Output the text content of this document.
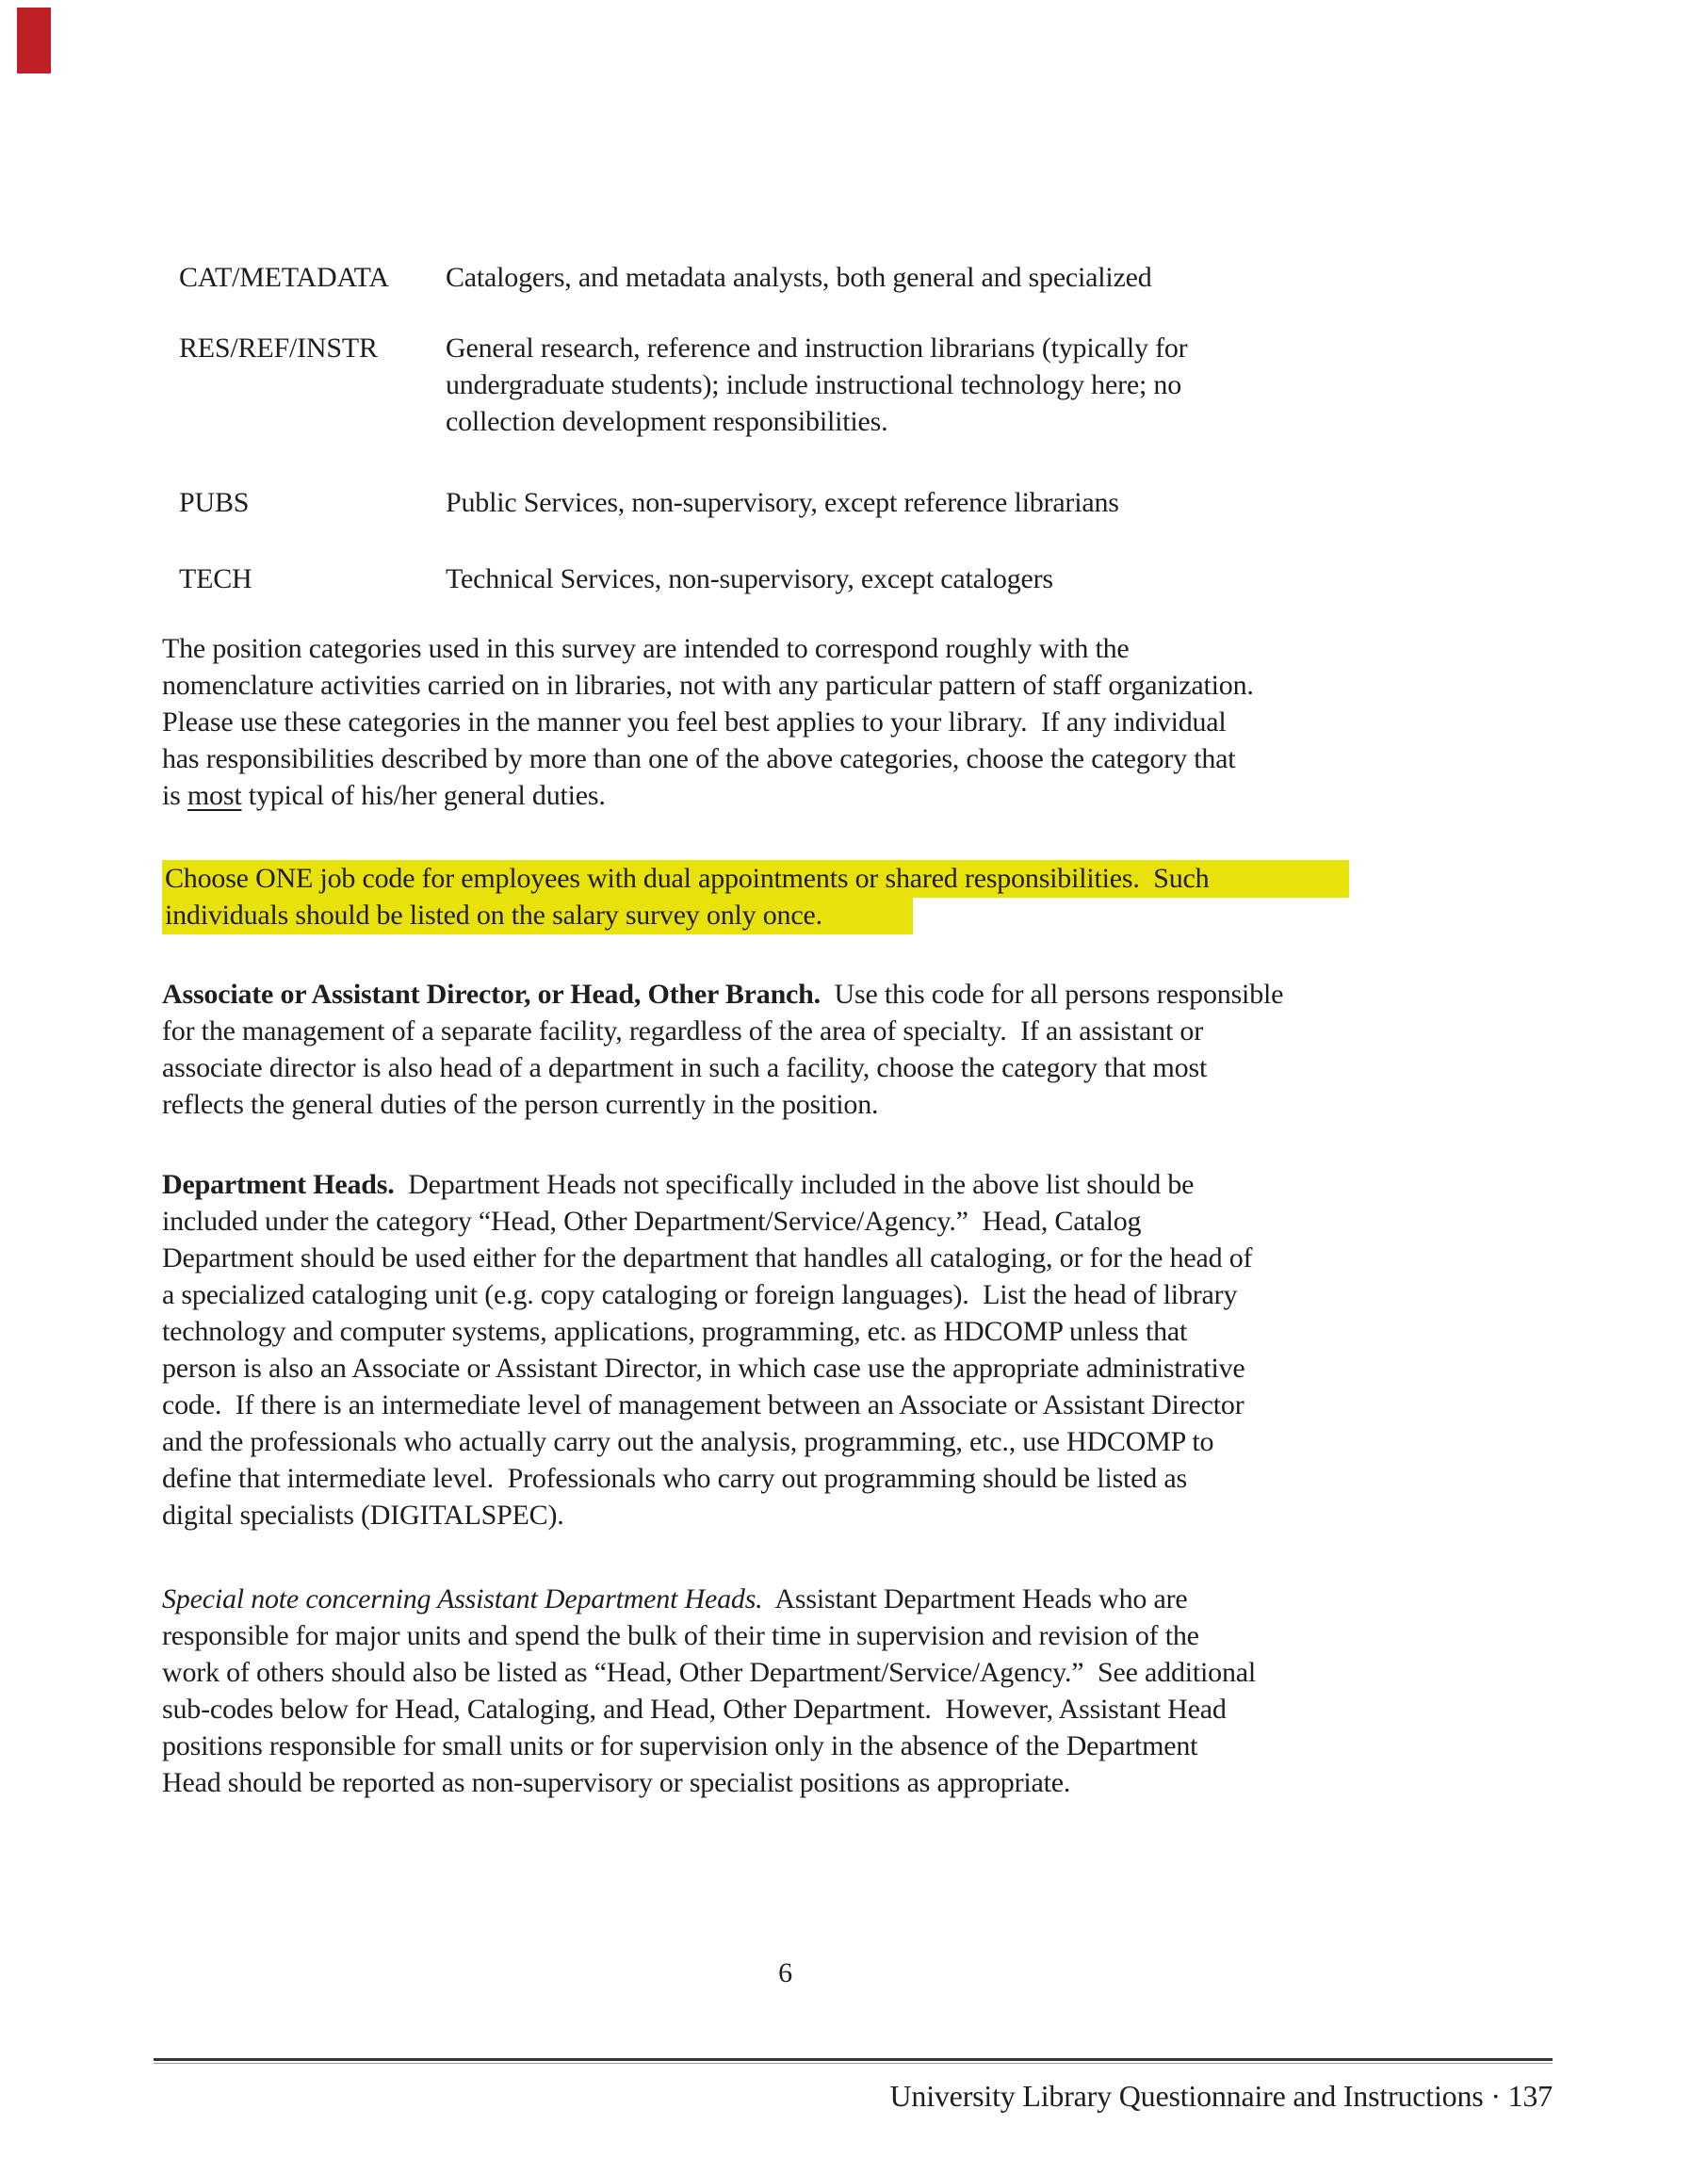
CAT/METADATA Catalogers, and metadata analysts, both general and specialized
RES/REF/INSTR General research, reference and instruction librarians (typically for
undergraduate students); include instructional technology here; no
collection development responsibilities.
PUBS	Public Services, non-supervisory, except reference librarians
TECH	Technical Services, non-supervisory, except catalogers
The position categories used in this survey are intended to correspond roughly with the
nomenclature activities carried on in libraries, not with any particular pattern of staff organization.
Please use these categories in the manner you feel best applies to your library.  If any individual
has responsibilities described by more than one of the above categories, choose the category that
is most typical of his/her general duties.
Choose ONE job code for employees with dual appointments or shared responsibilities.  Such
individuals should be listed on the salary survey only once.
Associate or Assistant Director, or Head, Other Branch.  Use this code for all persons responsible
for the management of a separate facility, regardless of the area of specialty.  If an assistant or
associate director is also head of a department in such a facility, choose the category that most
reflects the general duties of the person currently in the position.
Department Heads.  Department Heads not specifically included in the above list should be
included under the category “Head, Other Department/Service/Agency.”  Head, Catalog
Department should be used either for the department that handles all cataloging, or for the head of
a specialized cataloging unit (e.g. copy cataloging or foreign languages).  List the head of library
technology and computer systems, applications, programming, etc. as HDCOMP unless that
person is also an Associate or Assistant Director, in which case use the appropriate administrative
code.  If there is an intermediate level of management between an Associate or Assistant Director
and the professionals who actually carry out the analysis, programming, etc., use HDCOMP to
define that intermediate level.  Professionals who carry out programming should be listed as
digital specialists (DIGITALSPEC).
Special note concerning Assistant Department Heads.  Assistant Department Heads who are
responsible for major units and spend the bulk of their time in supervision and revision of the
work of others should also be listed as “Head, Other Department/Service/Agency.”  See additional
sub-codes below for Head, Cataloging, and Head, Other Department.  However, Assistant Head
positions responsible for small units or for supervision only in the absence of the Department
Head should be reported as non-supervisory or specialist positions as appropriate.
6
University Library Questionnaire and Instructions · 137
